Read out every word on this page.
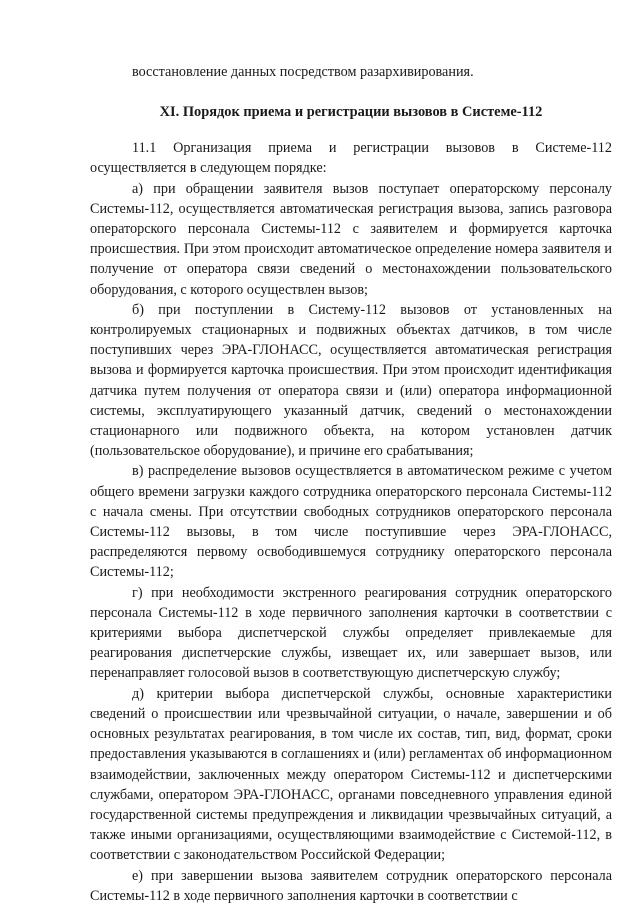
восстановление данных посредством разархивирования.

XI. Порядок приема и регистрации вызовов в Системе-112

11.1 Организация приема и регистрации вызовов в Системе-112 осуществляется в следующем порядке:

а) при обращении заявителя вызов поступает операторскому персоналу Системы-112, осуществляется автоматическая регистрация вызова, запись разговора операторского персонала Системы-112 с заявителем и формируется карточка происшествия. При этом происходит автоматическое определение номера заявителя и получение от оператора связи сведений о местонахождении пользовательского оборудования, с которого осуществлен вызов;

б) при поступлении в Систему-112 вызовов от установленных на контролируемых стационарных и подвижных объектах датчиков, в том числе поступивших через ЭРА-ГЛОНАСС, осуществляется автоматическая регистрация вызова и формируется карточка происшествия. При этом происходит идентификация датчика путем получения от оператора связи и (или) оператора информационной системы, эксплуатирующего указанный датчик, сведений о местонахождении стационарного или подвижного объекта, на котором установлен датчик (пользовательское оборудование), и причине его срабатывания;

в) распределение вызовов осуществляется в автоматическом режиме с учетом общего времени загрузки каждого сотрудника операторского персонала Системы-112 с начала смены. При отсутствии свободных сотрудников операторского персонала Системы-112 вызовы, в том числе поступившие через ЭРА-ГЛОНАСС, распределяются первому освободившемуся сотруднику операторского персонала Системы-112;

г) при необходимости экстренного реагирования сотрудник операторского персонала Системы-112 в ходе первичного заполнения карточки в соответствии с критериями выбора диспетчерской службы определяет привлекаемые для реагирования диспетчерские службы, извещает их, или завершает вызов, или перенаправляет голосовой вызов в соответствующую диспетчерскую службу;

д) критерии выбора диспетчерской службы, основные характеристики сведений о происшествии или чрезвычайной ситуации, о начале, завершении и об основных результатах реагирования, в том числе их состав, тип, вид, формат, сроки предоставления указываются в соглашениях и (или) регламентах об информационном взаимодействии, заключенных между оператором Системы-112 и диспетчерскими службами, оператором ЭРА-ГЛОНАСС, органами повседневного управления единой государственной системы предупреждения и ликвидации чрезвычайных ситуаций, а также иными организациями, осуществляющими взаимодействие с Системой-112, в соответствии с законодательством Российской Федерации;

е) при завершении вызова заявителем сотрудник операторского персонала Системы-112 в ходе первичного заполнения карточки в соответствии с
